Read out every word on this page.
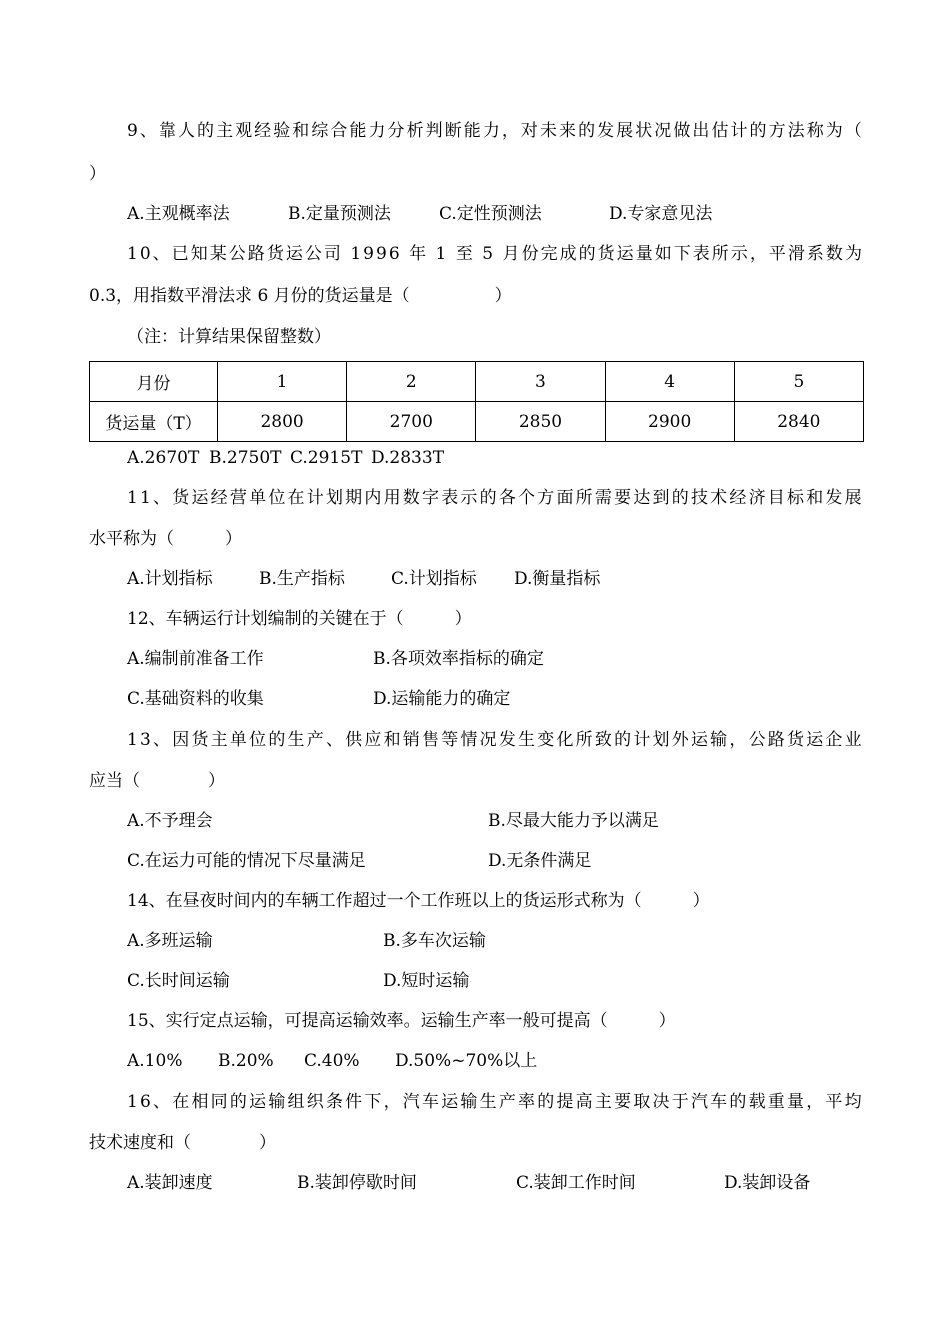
9、靠人的主观经验和综合能力分析判断能力，对未来的发展状况做出估计的方法称为（
）
A.主观概率法	B.定量预测法	C.定性预测法	D.专家意见法
10、已知某公路货运公司 1996 年 1 至 5 月份完成的货运量如下表所示，平滑系数为
0.3，用指数平滑法求 6 月份的货运量是（　　　　　）
（注：计算结果保留整数）
月份	1	2	3	4	5
货运量（T）	2800	2700	2850	2900	2840
A.2670T B.2750T C.2915T D.2833T
11、货运经营单位在计划期内用数字表示的各个方面所需要达到的技术经济目标和发展
水平称为（　　　）
A.计划指标	B.生产指标	C.计划指标 D.衡量指标
12、车辆运行计划编制的关键在于（　　　）
A.编制前准备工作	B.各项效率指标的确定
C.基础资料的收集	D.运输能力的确定
13、因货主单位的生产、供应和销售等情况发生变化所致的计划外运输，公路货运企业
应当（　　　　）
A.不予理会	B.尽最大能力予以满足
C.在运力可能的情况下尽量满足	D.无条件满足
14、在昼夜时间内的车辆工作超过一个工作班以上的货运形式称为（　　　）
A.多班运输	B.多车次运输
C.长时间运输	D.短时运输
15、实行定点运输，可提高运输效率。运输生产率一般可提高（　　　）
A.10% B.20% C.40% D.50%~70%以上
16、在相同的运输组织条件下，汽车运输生产率的提高主要取决于汽车的载重量，平均
技术速度和（　　　　）
A.装卸速度	B.装卸停歇时间	C.装卸工作时间	D.装卸设备
